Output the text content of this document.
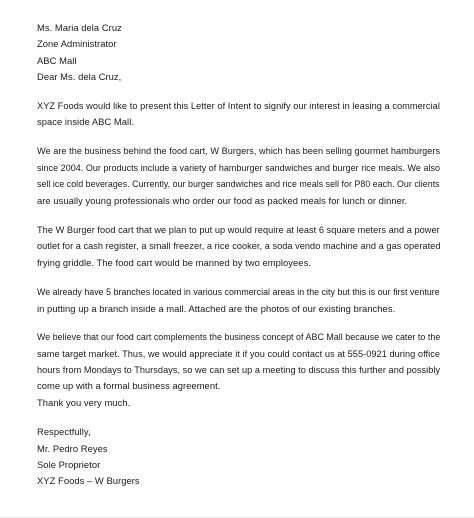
Ms. Maria dela Cruz
Zone Administrator
ABC Mall

Dear Ms. dela Cruz,

XYZ Foods would like to present this Letter of Intent to signify our interest in leasing a commercial
space inside ABC Mall.
We are the business behind the food cart, W Burgers, which has been selling gourmet hamburgers
since 2004. Our products include a variety of hamburger sandwiches and burger rice meals. We also
sell ice cold beverages. Currently, our burger sandwiches and rice meals sell for P80 each. Our clients
are usually young professionals who order our food as packed meals for lunch or dinner.
The W Burger food cart that we plan to put up would require at least 6 square meters and a power
outlet for a cash register, a small freezer, a rice cooker, a soda vendo machine and a gas operated
frying griddle. The food cart would be manned by two employees.
We already have 5 branches located in various commercial areas in the city but this is our first venture
in putting up a branch inside a mall. Attached are the photos of our existing branches.
We believe that our food cart complements the business concept of ABC Mall because we cater to the
same target market. Thus, we would appreciate it if you could contact us at 555-0921 during office
hours from Mondays to Thursdays, so we can set up a meeting to discuss this further and possibly
come up with a formal business agreement.

Thank you very much.

Respectfully,
Mr. Pedro Reyes
Sole Proprietor
XYZ Foods – W Burgers
